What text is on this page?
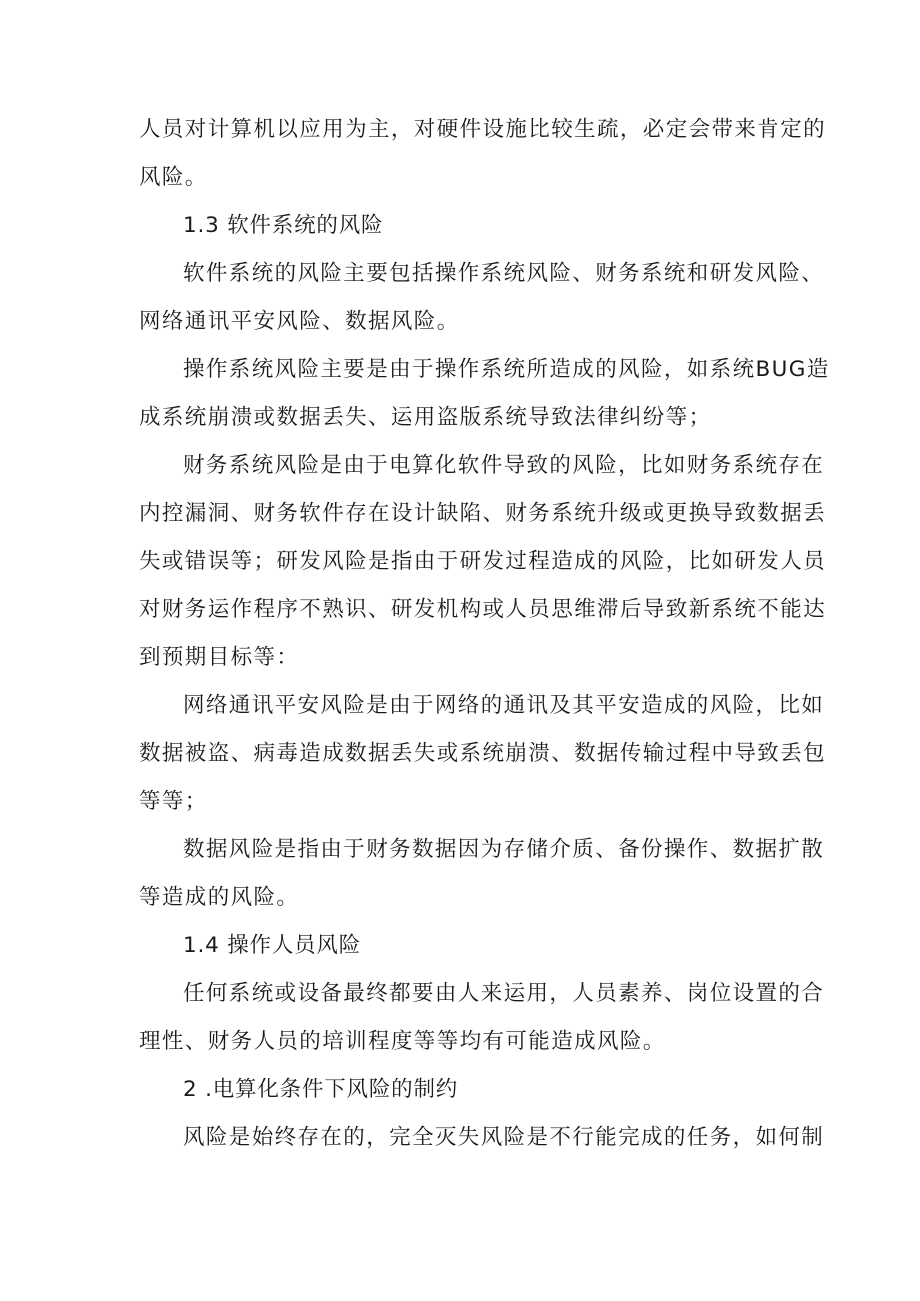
人员对计算机以应用为主，对硬件设施比较生疏，必定会带来肯定的
风险。
1.3 软件系统的风险
软件系统的风险主要包括操作系统风险、财务系统和研发风险、
网络通讯平安风险、数据风险。
操作系统风险主要是由于操作系统所造成的风险，如系统BUG造
成系统崩溃或数据丢失、运用盗版系统导致法律纠纷等；
财务系统风险是由于电算化软件导致的风险，比如财务系统存在
内控漏洞、财务软件存在设计缺陷、财务系统升级或更换导致数据丢
失或错误等；研发风险是指由于研发过程造成的风险，比如研发人员
对财务运作程序不熟识、研发机构或人员思维滞后导致新系统不能达
到预期目标等：
网络通讯平安风险是由于网络的通讯及其平安造成的风险，比如
数据被盗、病毒造成数据丢失或系统崩溃、数据传输过程中导致丢包
等等；
数据风险是指由于财务数据因为存储介质、备份操作、数据扩散
等造成的风险。
1.4 操作人员风险
任何系统或设备最终都要由人来运用，人员素养、岗位设置的合
理性、财务人员的培训程度等等均有可能造成风险。
2 .电算化条件下风险的制约
风险是始终存在的，完全灭失风险是不行能完成的任务，如何制
